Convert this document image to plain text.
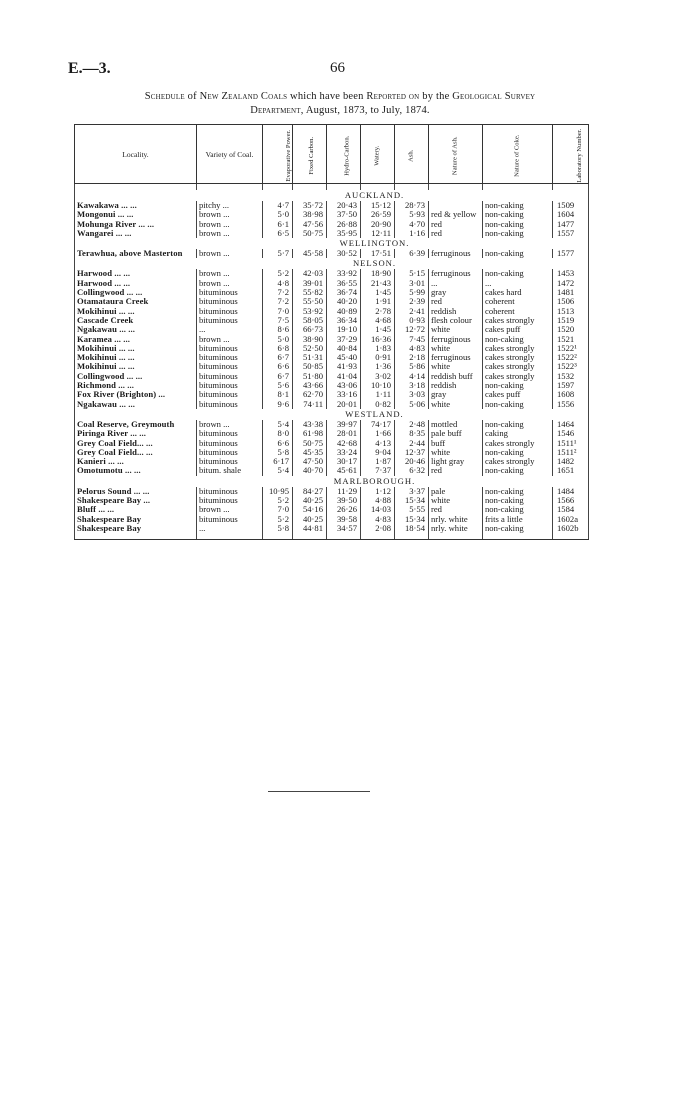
E.—3.	66
Schedule of New Zealand Coals which have been Reported on by the Geological Survey
Department, August, 1873, to July, 1874.
Locality.	Variety of Coal.	Evaporative Power.	Fixed Carbon.	Hydro-Carbon.	Watery.	Ash.	Nature of Ash.	Nature of Coke.	Laboratory Number.

	AUCKLAND.								
Kawakawa ... ...	pitchy ...	4·7	35·72	20·43	15·12	28·73		non-caking	1509
Mongonui ... ...	brown ...	5·0	38·98	37·50	26·59	5·93	red & yellow	non-caking	1604
Mohunga River ... ...	brown ...	6·1	47·56	26·88	20·90	4·70	red	non-caking	1477
Wangarei ... ...	brown ...	6·5	50·75	35·95	12·11	1·16	red	non-caking	1557
	WELLINGTON.								
Terawhua, above Masterton	brown ...	5·7	45·58	30·52	17·51	6·39	ferruginous	non-caking	1577
	NELSON.								
Harwood ... ...	brown ...	5·2	42·03	33·92	18·90	5·15	ferruginous	non-caking	1453
Harwood ... ...	brown ...	4·8	39·01	36·55	21·43	3·01	...	...	1472
Collingwood ... ...	bituminous	7·2	55·82	36·74	1·45	5·99	gray	cakes hard	1481
Otamataura Creek	bituminous	7·2	55·50	40·20	1·91	2·39	red	coherent	1506
Mokihinui ... ...	bituminous	7·0	53·92	40·89	2·78	2·41	reddish	coherent	1513
Cascade Creek	bituminous	7·5	58·05	36·34	4·68	0·93	flesh colour	cakes strongly	1519
Ngakawau ... ...	...	8·6	66·73	19·10	1·45	12·72	white	cakes puff	1520
Karamea ... ...	brown ...	5·0	38·90	37·29	16·36	7·45	ferruginous	non-caking	1521
Mokihinui ... ...	bituminous	6·8	52·50	40·84	1·83	4·83	white	cakes strongly	1522¹
Mokihinui ... ...	bituminous	6·7	51·31	45·40	0·91	2·18	ferruginous	cakes strongly	1522²
Mokihinui ... ...	bituminous	6·6	50·85	41·93	1·36	5·86	white	cakes strongly	1522³
Collingwood ... ...	bituminous	6·7	51·80	41·04	3·02	4·14	reddish buff	cakes strongly	1532
Richmond ... ...	bituminous	5·6	43·66	43·06	10·10	3·18	reddish	non-caking	1597
Fox River (Brighton) ...	bituminous	8·1	62·70	33·16	1·11	3·03	gray	cakes puff	1608
Ngakawau ... ...	bituminous	9·6	74·11	20·01	0·82	5·06	white	non-caking	1556
	WESTLAND.								
Coal Reserve, Greymouth	brown ...	5·4	43·38	39·97	74·17	2·48	mottled	non-caking	1464
Piringa River ... ...	bituminous	8·0	61·98	28·01	1·66	8·35	pale buff	caking	1546
Grey Coal Field... ...	bituminous	6·6	50·75	42·68	4·13	2·44	buff	cakes strongly	1511¹
Grey Coal Field... ...	bituminous	5·8	45·35	33·24	9·04	12·37	white	non-caking	1511²
Kanieri ... ...	bituminous	6·17	47·50	30·17	1·87	20·46	light gray	cakes strongly	1482
Omotumotu ... ...	bitum. shale	5·4	40·70	45·61	7·37	6·32	red	non-caking	1651
	MARLBOROUGH.								
Pelorus Sound ... ...	bituminous	10·95	84·27	11·29	1·12	3·37	pale	non-caking	1484
Shakespeare Bay ...	bituminous	5·2	40·25	39·50	4·88	15·34	white	non-caking	1566
Bluff ... ...	brown ...	7·0	54·16	26·26	14·03	5·55	red	non-caking	1584
Shakespeare Bay	bituminous	5·2	40·25	39·58	4·83	15·34	nrly. white	frits a little	1602a
Shakespeare Bay	...	5·8	44·81	34·57	2·08	18·54	nrly. white	non-caking	1602b
